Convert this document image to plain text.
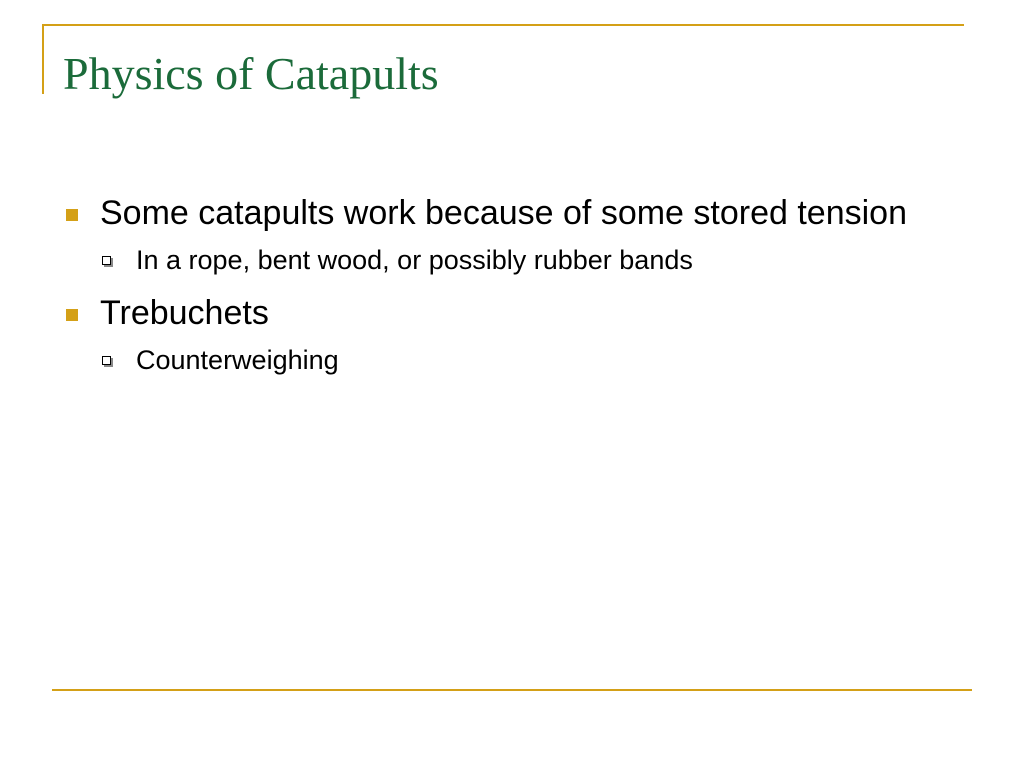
Physics of Catapults
Some catapults work because of some stored tension
In a rope, bent wood, or possibly rubber bands
Trebuchets
Counterweighing
